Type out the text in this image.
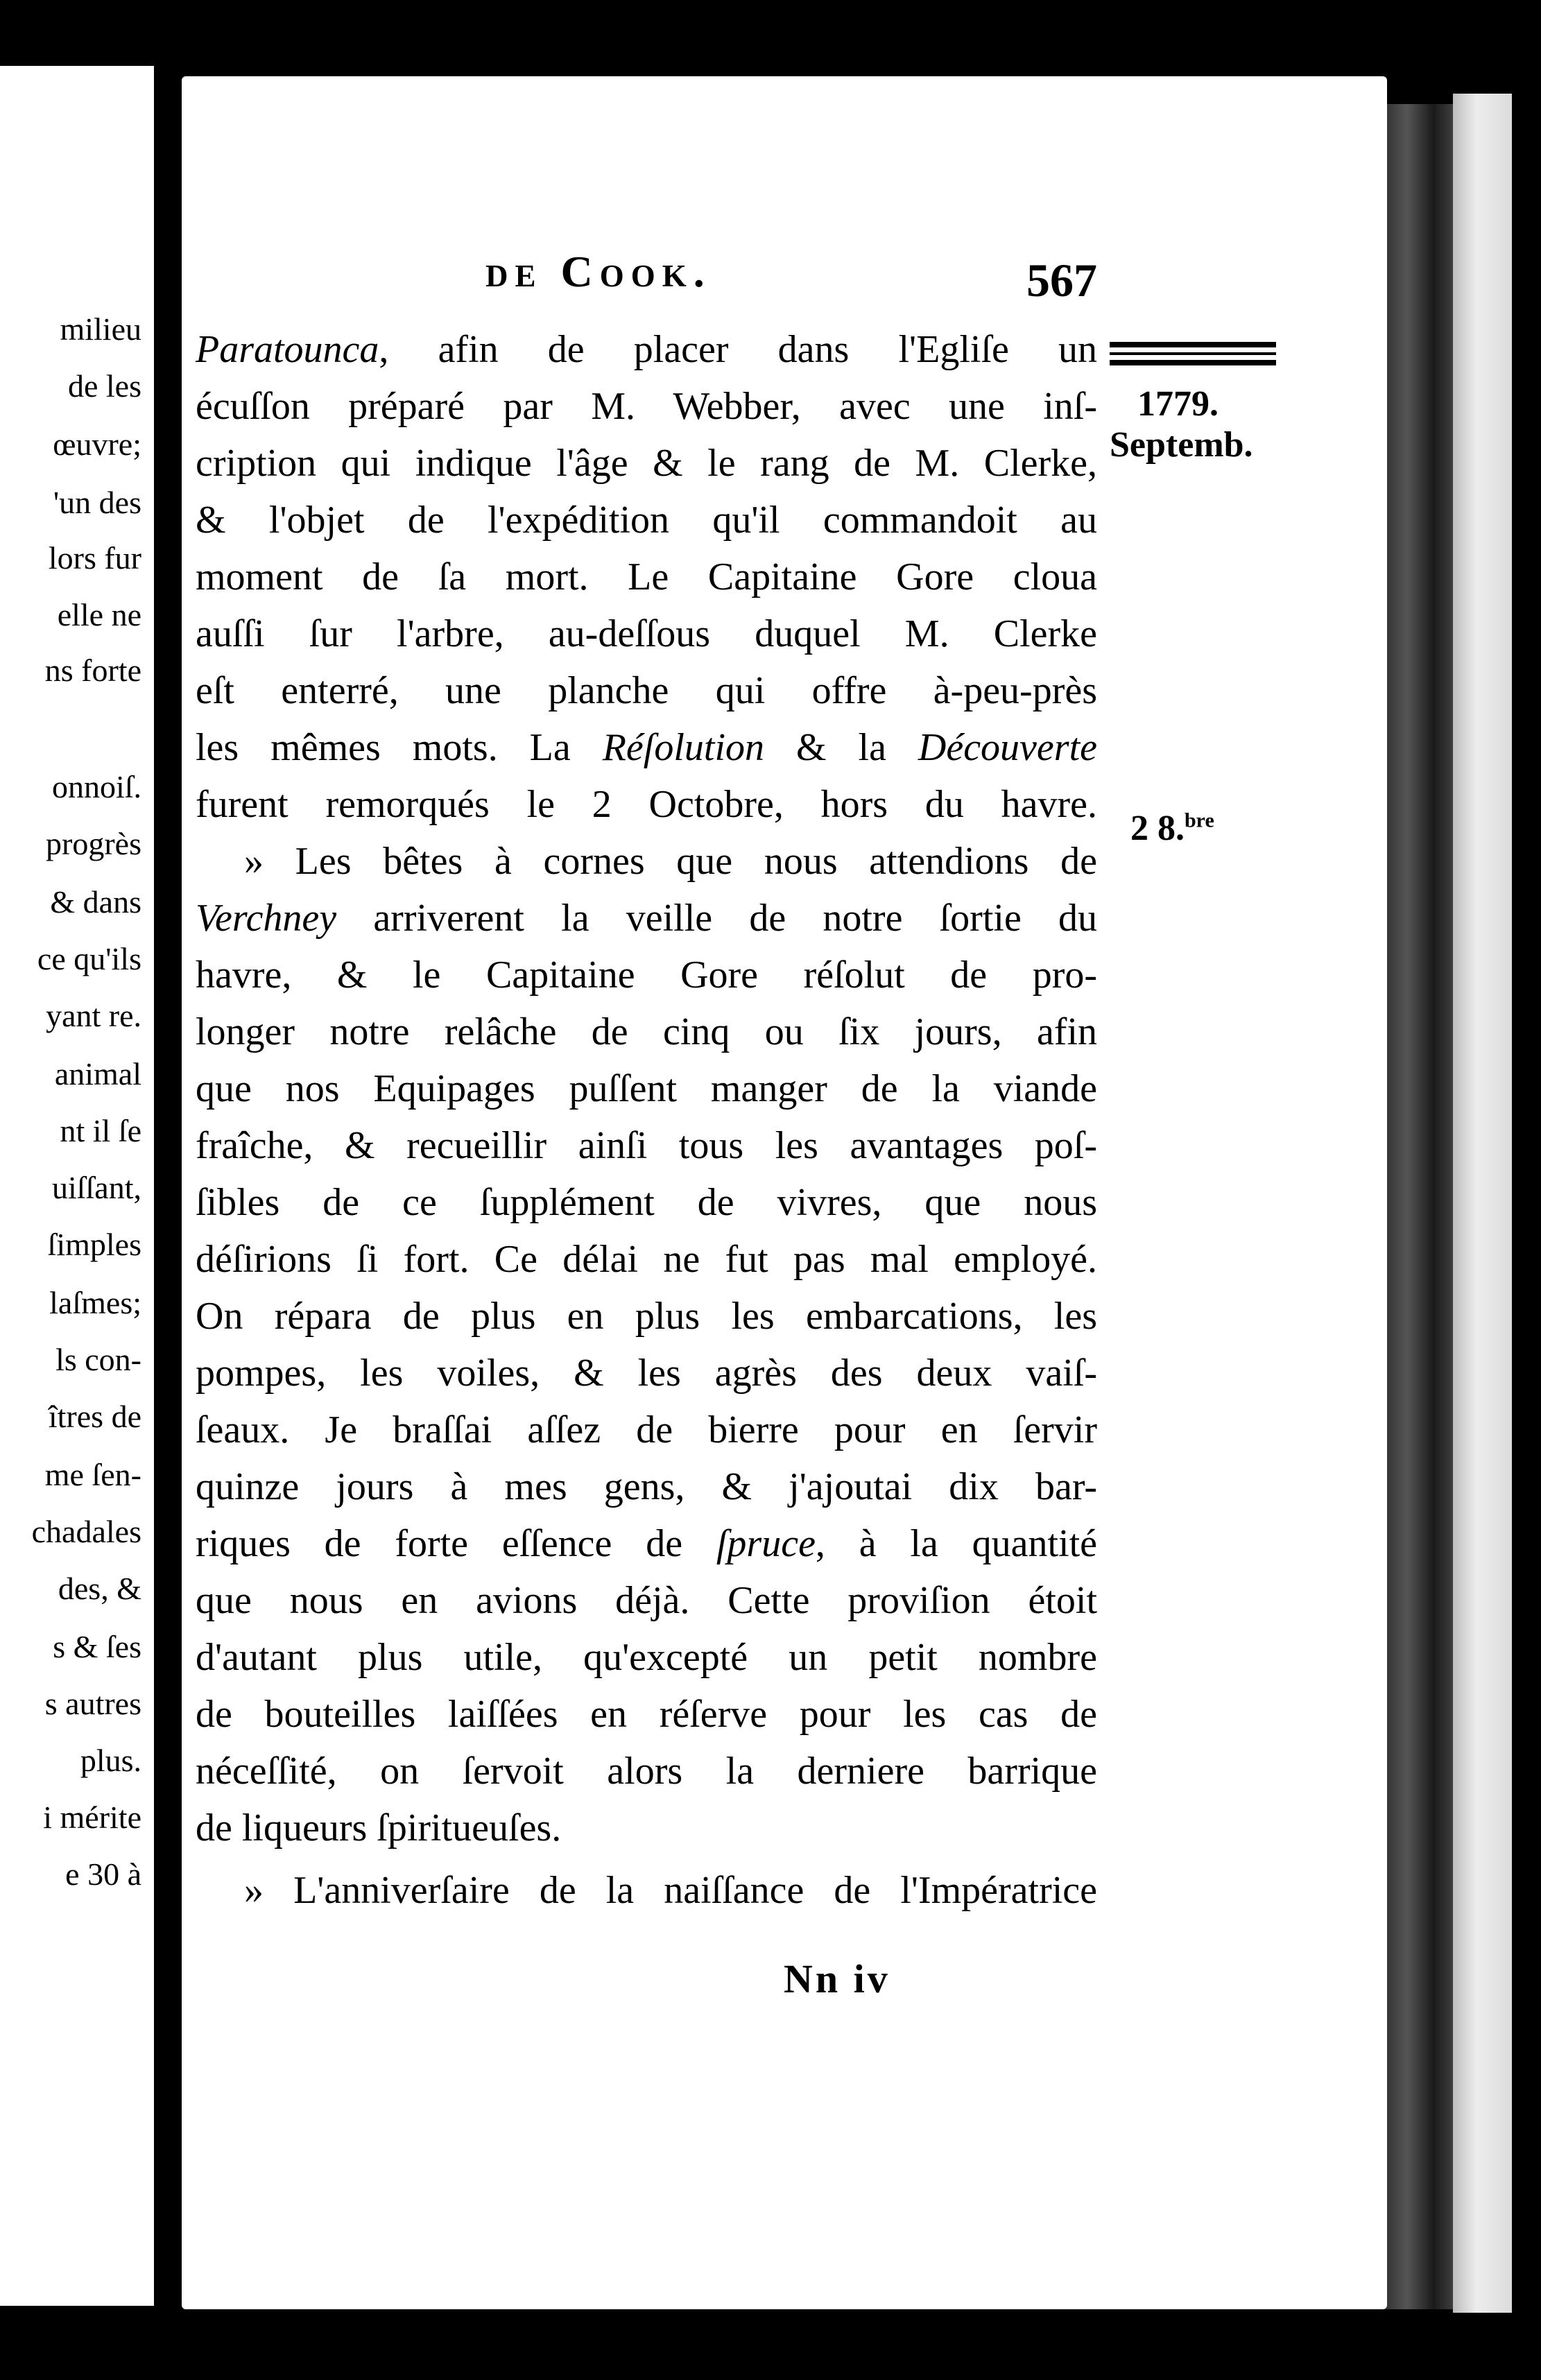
milieu
de les
œuvre;
'un des
lors fur
elle ne
ns forte
onnoiſ.
progrès
& dans
ce qu'ils
yant re.
animal
nt il ſe
uiſſant,
ſimples
laſmes;
ls con-
îtres de
me ſen-
chadales
des, &
s & ſes
s autres
plus.
i mérite
e 30 à
de Cook.	567
1779.
Septemb.
2 8.$^{bre}$
Paratounca, afin de placer dans l'Egliſe un
écuſſon préparé par M. Webber, avec une inſ-
cription qui indique l'âge & le rang de M. Clerke,
& l'objet de l'expédition qu'il commandoit au
moment de ſa mort. Le Capitaine Gore cloua
auſſi ſur l'arbre, au-deſſous duquel M. Clerke
eſt enterré, une planche qui offre à-peu-près
les mêmes mots. La Réſolution & la Découverte
furent remorqués le 2 Octobre, hors du havre.
» Les bêtes à cornes que nous attendions de
Verchney arriverent la veille de notre ſortie du
havre, & le Capitaine Gore réſolut de pro-
longer notre relâche de cinq ou ſix jours, afin
que nos Equipages puſſent manger de la viande
fraîche, & recueillir ainſi tous les avantages poſ-
ſibles de ce ſupplément de vivres, que nous
déſirions ſi fort. Ce délai ne fut pas mal employé.
On répara de plus en plus les embarcations, les
pompes, les voiles, & les agrès des deux vaiſ-
ſeaux. Je braſſai aſſez de bierre pour en ſervir
quinze jours à mes gens, & j'ajoutai dix bar-
riques de forte eſſence de ſpruce, à la quantité
que nous en avions déjà. Cette proviſion étoit
d'autant plus utile, qu'excepté un petit nombre
de bouteilles laiſſées en réſerve pour les cas de
néceſſité, on ſervoit alors la derniere barrique
de liqueurs ſpiritueuſes.
» L'anniverſaire de la naiſſance de l'Impératrice
Nn iv
